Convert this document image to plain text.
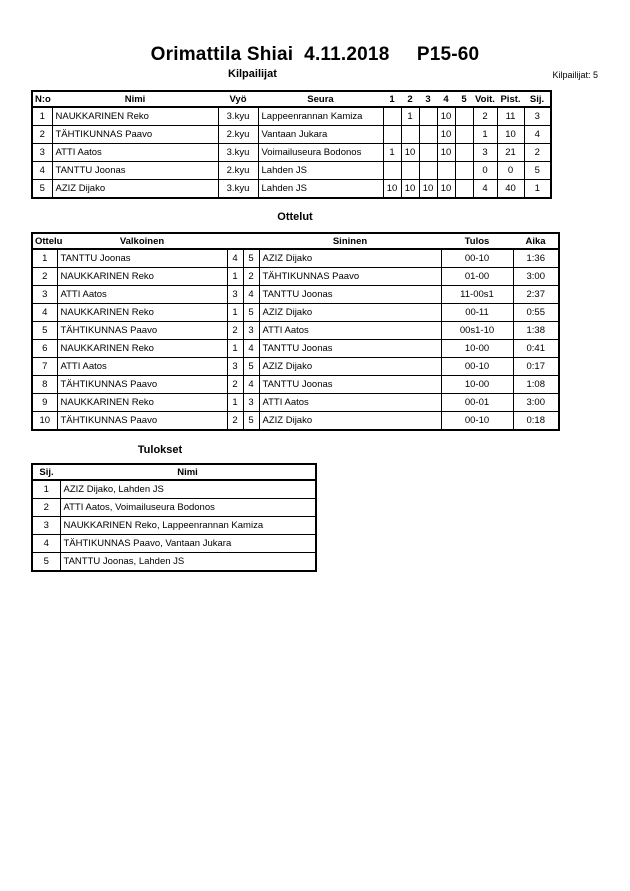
Orimattila Shiai  4.11.2018     P15-60
Kilpailijat	Kilpailijat: 5
N:o	Nimi	Vyö	Seura	1	2	3	4	5	Voit.	Pist.	Sij.
1	NAUKKARINEN Reko	3.kyu	Lappeenrannan Kamiza		1		10		2	11	3
2	TÄHTIKUNNAS Paavo	2.kyu	Vantaan Jukara				10		1	10	4
3	ATTI Aatos	3.kyu	Voimailuseura Bodonos	1	10		10		3	21	2
4	TANTTU Joonas	2.kyu	Lahden JS						0	0	5
5	AZIZ Dijako	3.kyu	Lahden JS	10	10	10	10		4	40	1
Ottelut
Ottelu	Valkoinen			Sininen	Tulos	Aika
1	TANTTU Joonas	4	5	AZIZ Dijako	00-10	1:36
2	NAUKKARINEN Reko	1	2	TÄHTIKUNNAS Paavo	01-00	3:00
3	ATTI Aatos	3	4	TANTTU Joonas	11-00s1	2:37
4	NAUKKARINEN Reko	1	5	AZIZ Dijako	00-11	0:55
5	TÄHTIKUNNAS Paavo	2	3	ATTI Aatos	00s1-10	1:38
6	NAUKKARINEN Reko	1	4	TANTTU Joonas	10-00	0:41
7	ATTI Aatos	3	5	AZIZ Dijako	00-10	0:17
8	TÄHTIKUNNAS Paavo	2	4	TANTTU Joonas	10-00	1:08
9	NAUKKARINEN Reko	1	3	ATTI Aatos	00-01	3:00
10	TÄHTIKUNNAS Paavo	2	5	AZIZ Dijako	00-10	0:18
Tulokset
Sij.	Nimi
1	AZIZ Dijako, Lahden JS
2	ATTI Aatos, Voimailuseura Bodonos
3	NAUKKARINEN Reko, Lappeenrannan Kamiza
4	TÄHTIKUNNAS Paavo, Vantaan Jukara
5	TANTTU Joonas, Lahden JS
